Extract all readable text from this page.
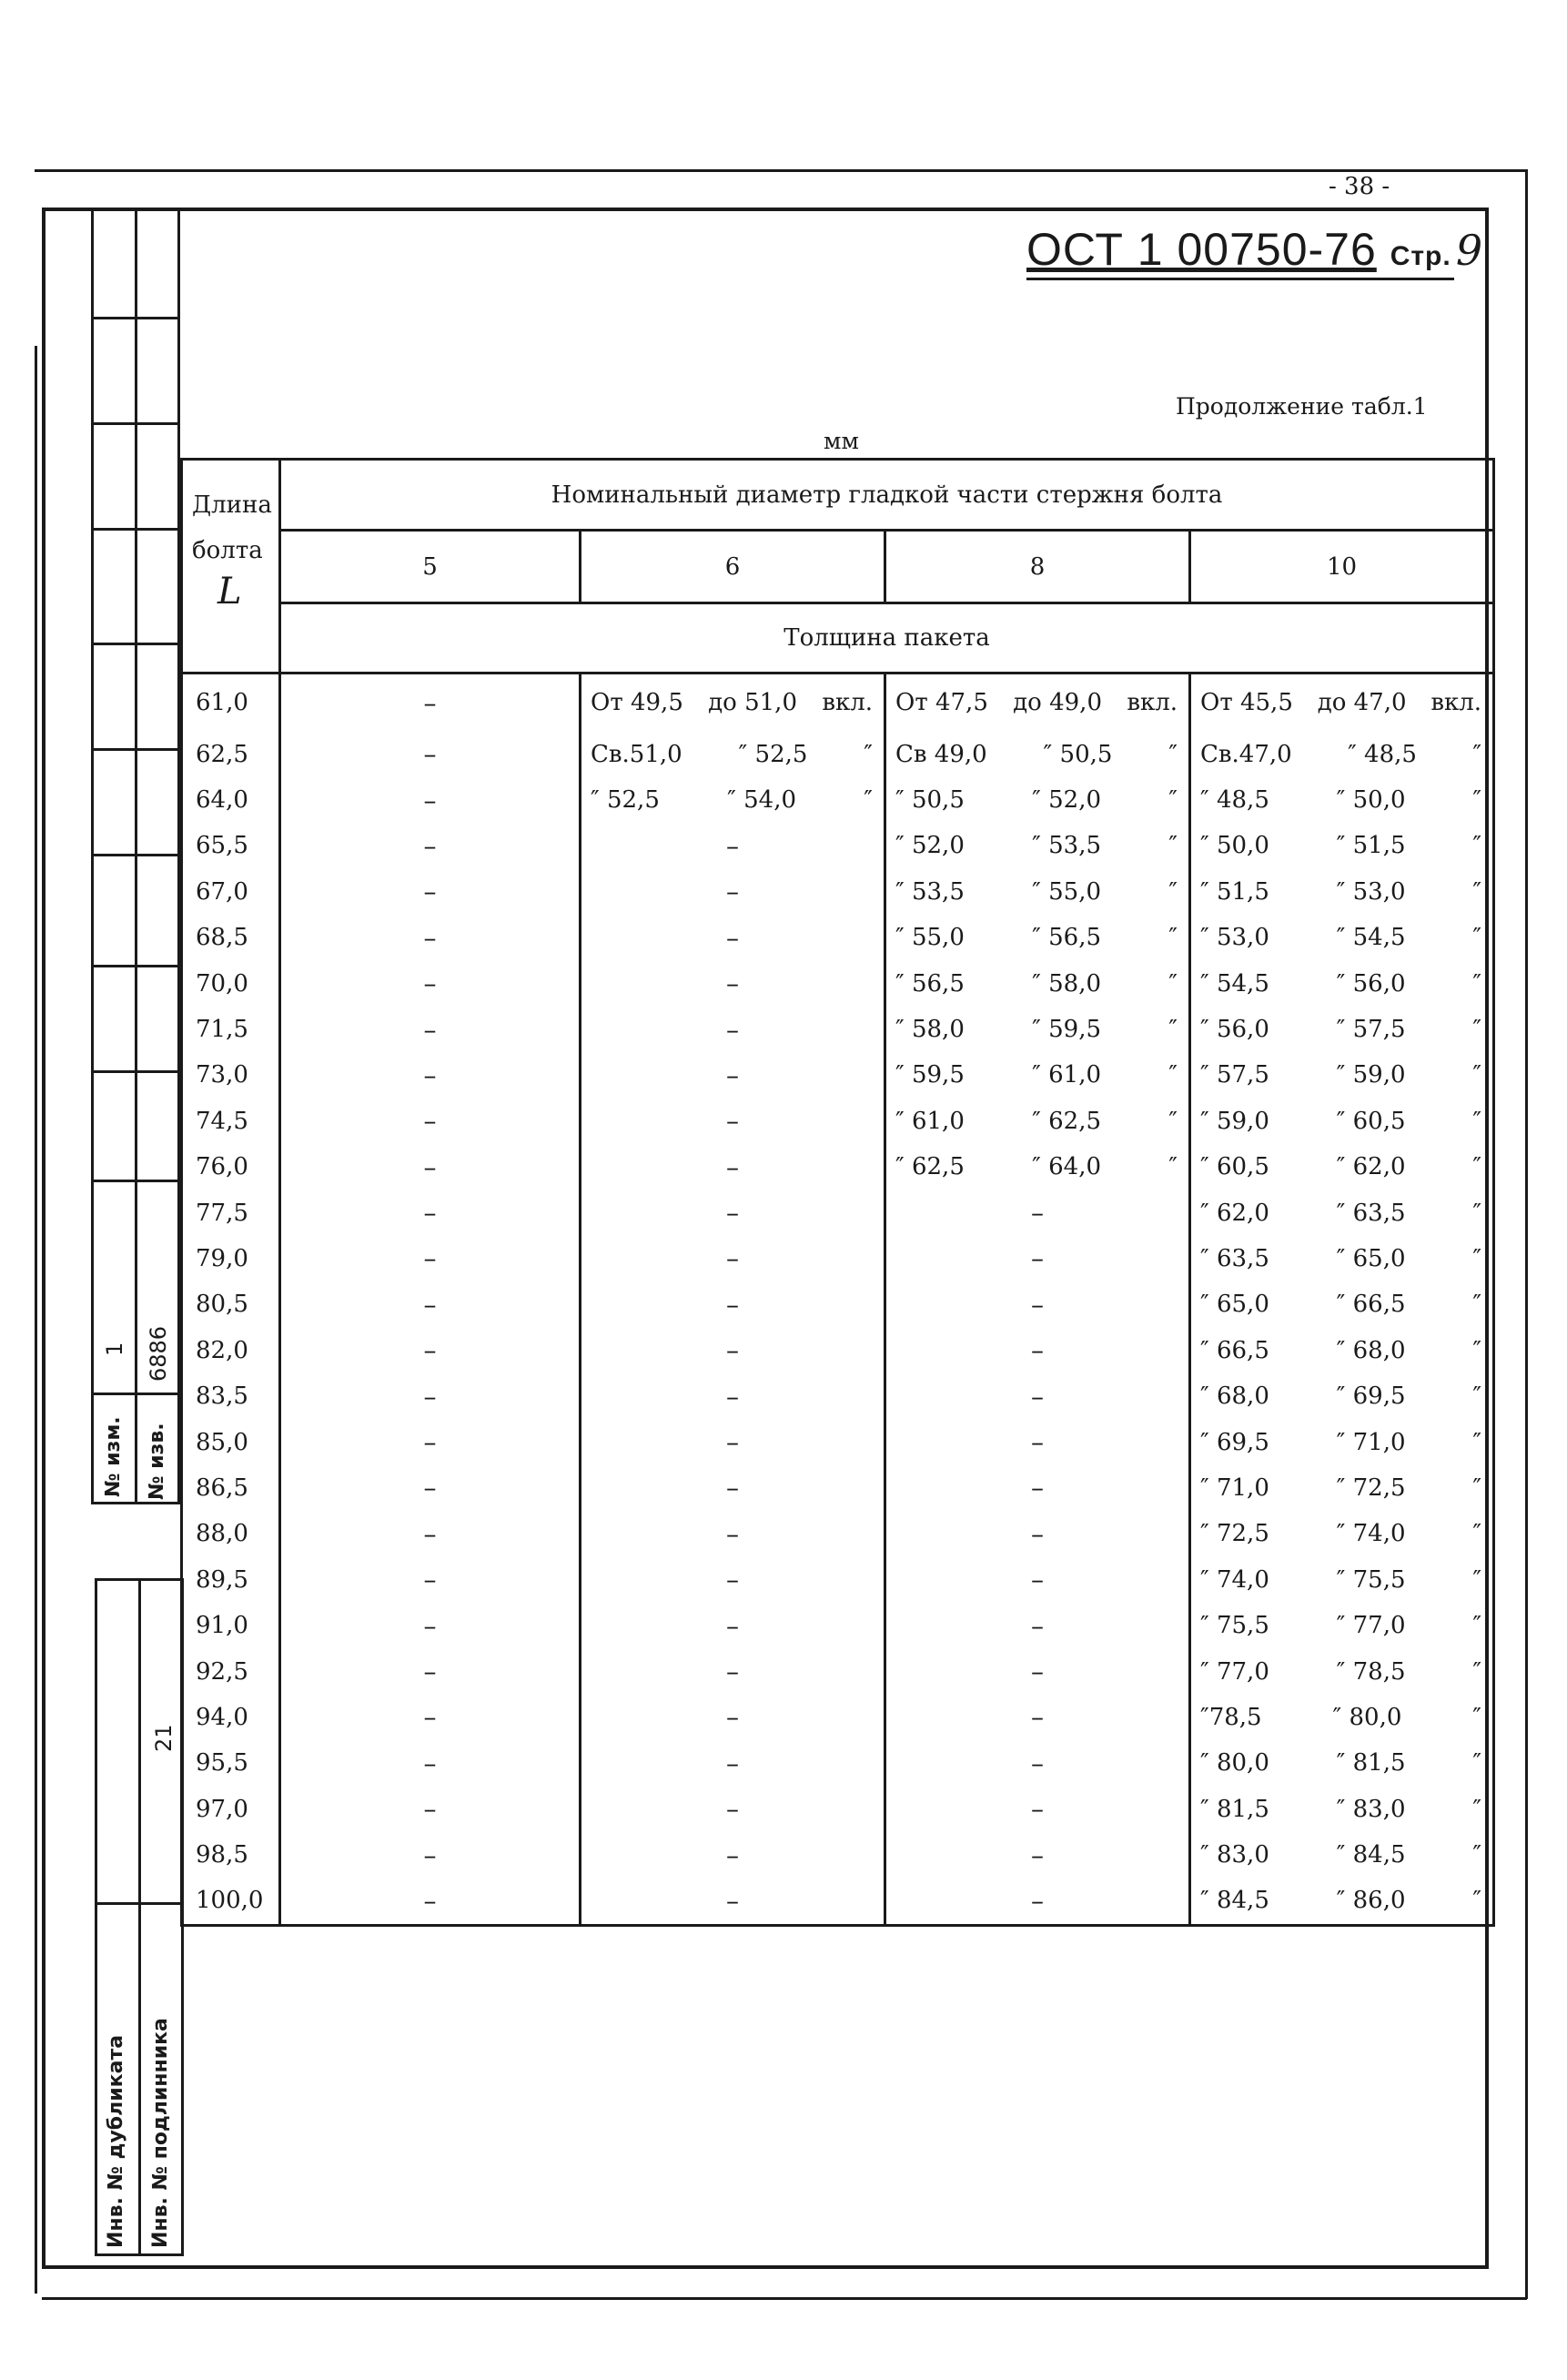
- 38 -
ОСТ 1 00750-76 Стр. 9
Продолжение табл.1
мм
1 6886
№ изм. № изв.
21
Инв. № дубликата Инв. № подлинника
Длина
болта
L	Номинальный диаметр гладкой части стержня болта			
	5	6	8	10
	Толщина пакета			
61,0	–	От 49,5 до 51,0 вкл.	От 47,5 до 49,0 вкл.	От 45,5 до 47,0 вкл.

62,5	–	Св.51,0 ″ 52,5 ″	Св 49,0 ″ 50,5 ″	Св.47,0 ″ 48,5 ″

64,0	–	″ 52,5 ″ 54,0 ″	″ 50,5 ″ 52,0 ″	″ 48,5 ″ 50,0 ″

65,5	–	–	″ 52,0 ″ 53,5 ″	″ 50,0 ″ 51,5 ″

67,0	–	–	″ 53,5 ″ 55,0 ″	″ 51,5 ″ 53,0 ″

68,5	–	–	″ 55,0 ″ 56,5 ″	″ 53,0 ″ 54,5 ″

70,0	–	–	″ 56,5 ″ 58,0 ″	″ 54,5 ″ 56,0 ″

71,5	–	–	″ 58,0 ″ 59,5 ″	″ 56,0 ″ 57,5 ″

73,0	–	–	″ 59,5 ″ 61,0 ″	″ 57,5 ″ 59,0 ″

74,5	–	–	″ 61,0 ″ 62,5 ″	″ 59,0 ″ 60,5 ″

76,0	–	–	″ 62,5 ″ 64,0 ″	″ 60,5 ″ 62,0 ″

77,5	–	–	–	″ 62,0 ″ 63,5 ″

79,0	–	–	–	″ 63,5 ″ 65,0 ″

80,5	–	–	–	″ 65,0 ″ 66,5 ″

82,0	–	–	–	″ 66,5 ″ 68,0 ″

83,5	–	–	–	″ 68,0 ″ 69,5 ″

85,0	–	–	–	″ 69,5 ″ 71,0 ″

86,5	–	–	–	″ 71,0 ″ 72,5 ″

88,0	–	–	–	″ 72,5 ″ 74,0 ″

89,5	–	–	–	″ 74,0 ″ 75,5 ″

91,0	–	–	–	″ 75,5 ″ 77,0 ″

92,5	–	–	–	″ 77,0 ″ 78,5 ″

94,0	–	–	–	″78,5 ″ 80,0 ″

95,5	–	–	–	″ 80,0 ″ 81,5 ″

97,0	–	–	–	″ 81,5 ″ 83,0 ″

98,5	–	–	–	″ 83,0 ″ 84,5 ″

100,0	–	–	–	″ 84,5 ″ 86,0 ″
